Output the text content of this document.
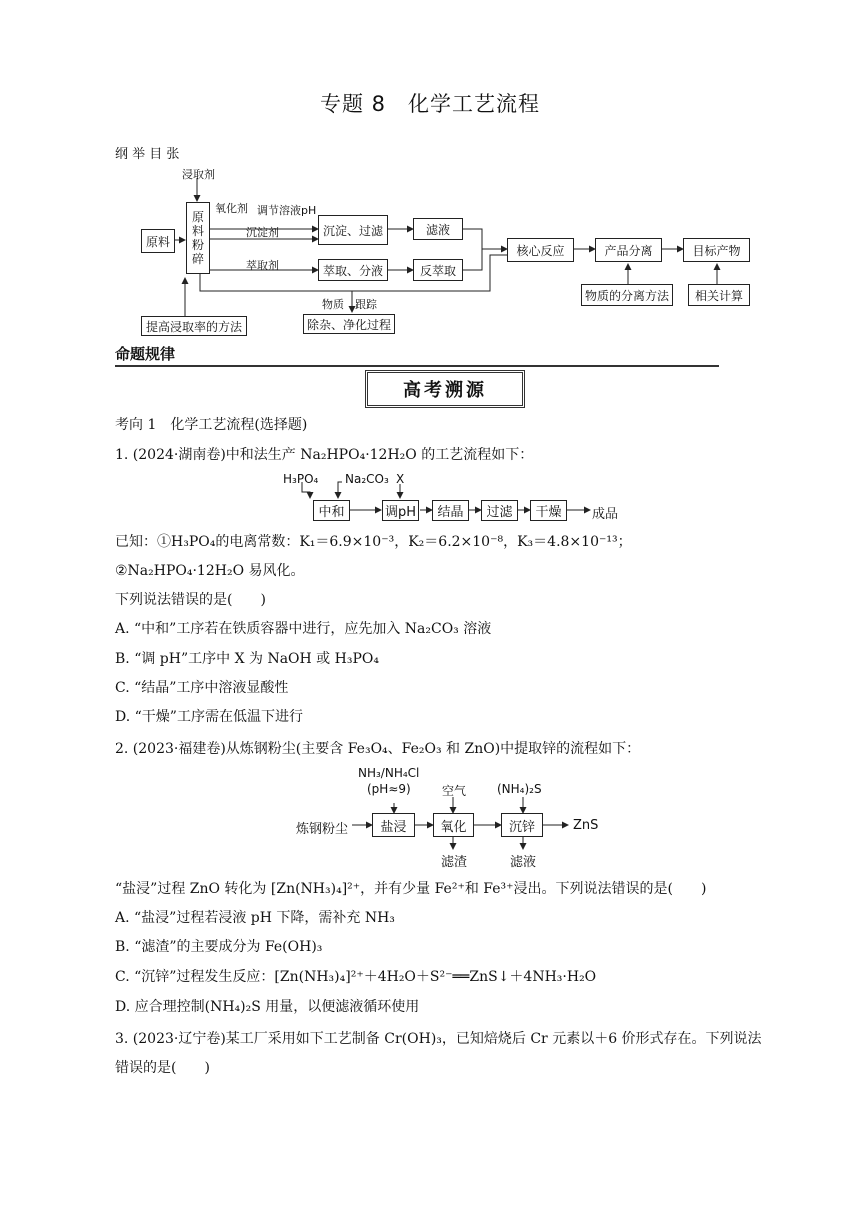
专题 8　化学工艺流程
纲 举 目 张
浸取剂
原料
原
料
粉
碎
氧化剂 调节溶液pH
沉淀剂	沉淀、过滤	滤液
萃取剂	萃取、分液	反萃取
核心反应	产品分离	目标产物
物质的分离方法	相关计算
提高浸取率的方法
物质　跟踪
除杂、净化过程
命题规律
高考溯源
考向 1　化学工艺流程(选择题)
1. (2024·湖南卷)中和法生产 Na₂HPO₄·12H₂O 的工艺流程如下：
H₃PO₄ Na₂CO₃ X
中和	调pH	结晶	过滤	干燥	成品
已知：①H₃PO₄的电离常数：K₁＝6.9×10⁻³，K₂＝6.2×10⁻⁸，K₃＝4.8×10⁻¹³；
②Na₂HPO₄·12H₂O 易风化。
下列说法错误的是(　　)
A. “中和”工序若在铁质容器中进行，应先加入 Na₂CO₃ 溶液
B. “调 pH”工序中 X 为 NaOH 或 H₃PO₄
C. “结晶”工序中溶液显酸性
D. “干燥”工序需在低温下进行
2. (2023·福建卷)从炼钢粉尘(主要含 Fe₃O₄、Fe₂O₃ 和 ZnO)中提取锌的流程如下：
NH₃/NH₄Cl
(pH≈9)	空气	(NH₄)₂S
炼钢粉尘	盐浸	氧化	沉锌	ZnS
滤渣	滤液
“盐浸”过程 ZnO 转化为 [Zn(NH₃)₄]²⁺，并有少量 Fe²⁺和 Fe³⁺浸出。下列说法错误的是(　　)
A. “盐浸”过程若浸液 pH 下降，需补充 NH₃
B. “滤渣”的主要成分为 Fe(OH)₃
C. “沉锌”过程发生反应：[Zn(NH₃)₄]²⁺＋4H₂O＋S²⁻══ZnS↓＋4NH₃·H₂O
D. 应合理控制(NH₄)₂S 用量，以便滤液循环使用
3. (2023·辽宁卷)某工厂采用如下工艺制备 Cr(OH)₃，已知焙烧后 Cr 元素以＋6 价形式存在。下列说法
错误的是(　　)
